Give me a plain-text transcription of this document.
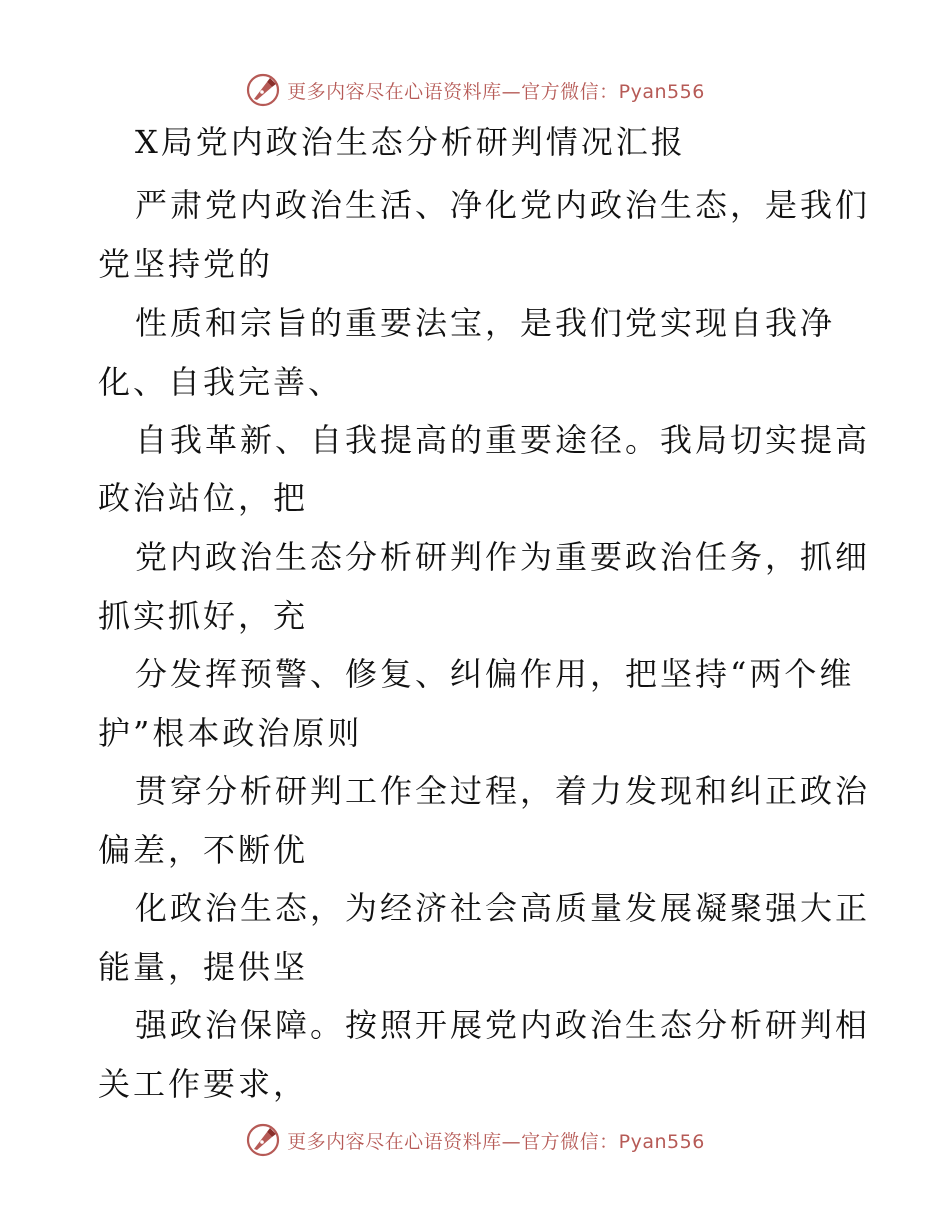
更多内容尽在心语资料库—官方微信：Pyan556
X局党内政治生态分析研判情况汇报
严肃党内政治生活、净化党内政治生态，是我们
党坚持党的
性质和宗旨的重要法宝，是我们党实现自我净
化、自我完善、
自我革新、自我提高的重要途径。我局切实提高
政治站位，把
党内政治生态分析研判作为重要政治任务，抓细
抓实抓好，充
分发挥预警、修复、纠偏作用，把坚持“两个维
护”根本政治原则
贯穿分析研判工作全过程，着力发现和纠正政治
偏差，不断优
化政治生态，为经济社会高质量发展凝聚强大正
能量，提供坚
强政治保障。按照开展党内政治生态分析研判相
关工作要求，
更多内容尽在心语资料库—官方微信：Pyan556
